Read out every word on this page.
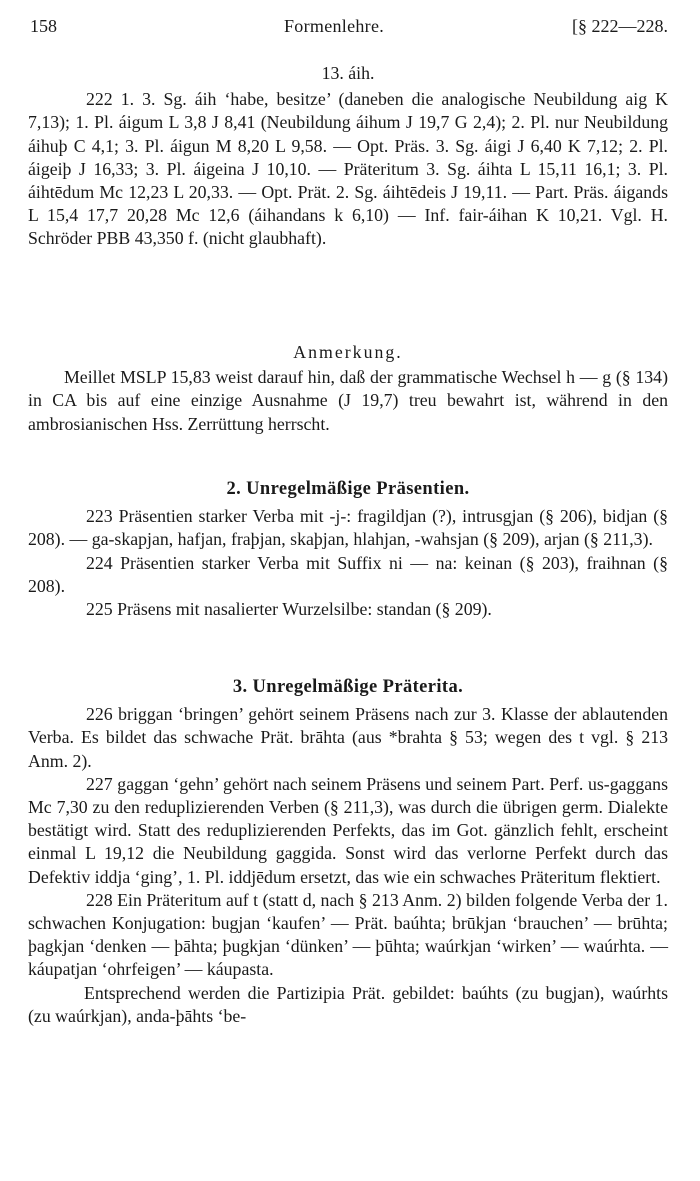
158	Formenlehre.	[§ 222—228.

13. áih.

222 1. 3. Sg. áih ‘habe, besitze’ (daneben die analogische Neubildung aig K 7,13); 1. Pl. áigum L 3,8 J 8,41 (Neubildung áihum J 19,7 G 2,4); 2. Pl. nur Neubildung áihuþ C 4,1; 3. Pl. áigun M 8,20 L 9,58. — Opt. Präs. 3. Sg. áigi J 6,40 K 7,12; 2. Pl. áigeiþ J 16,33; 3. Pl. áigeina J 10,10. — Präteritum 3. Sg. áihta L 15,11 16,1; 3. Pl. áihtēdum Mc 12,23 L 20,33. — Opt. Prät. 2. Sg. áihtēdeis J 19,11. — Part. Präs. áigands L 15,4 17,7 20,28 Mc 12,6 (áihandans k 6,10) — Inf. fair-áihan K 10,21. Vgl. H. Schröder PBB 43,350 f. (nicht glaubhaft).

Anmerkung.

Meillet MSLP 15,83 weist darauf hin, daß der grammatische Wechsel h — g (§ 134) in CA bis auf eine einzige Ausnahme (J 19,7) treu bewahrt ist, während in den ambrosianischen Hss. Zerrüttung herrscht.

2. Unregelmäßige Präsentien.

223 Präsentien starker Verba mit -j-: fragildjan (?), intrusgjan (§ 206), bidjan (§ 208). — ga-skapjan, hafjan, fraþjan, skaþjan, hlahjan, -wahsjan (§ 209), arjan (§ 211,3).

224 Präsentien starker Verba mit Suffix ni — na: keinan (§ 203), fraihnan (§ 208).

225 Präsens mit nasalierter Wurzelsilbe: standan (§ 209).

3. Unregelmäßige Präterita.

226 briggan ‘bringen’ gehört seinem Präsens nach zur 3. Klasse der ablautenden Verba. Es bildet das schwache Prät. brāhta (aus *brahta § 53; wegen des t vgl. § 213 Anm. 2).

227 gaggan ‘gehn’ gehört nach seinem Präsens und seinem Part. Perf. us-gaggans Mc 7,30 zu den reduplizierenden Verben (§ 211,3), was durch die übrigen germ. Dialekte bestätigt wird. Statt des reduplizierenden Perfekts, das im Got. gänzlich fehlt, erscheint einmal L 19,12 die Neubildung gaggida. Sonst wird das verlorne Perfekt durch das Defektiv iddja ‘ging’, 1. Pl. iddjēdum ersetzt, das wie ein schwaches Präteritum flektiert.

228 Ein Präteritum auf t (statt d, nach § 213 Anm. 2) bilden folgende Verba der 1. schwachen Konjugation: bugjan ‘kaufen’ — Prät. baúhta; brūkjan ‘brauchen’ — brūhta; þagkjan ‘denken — þāhta; þugkjan ‘dünken’ — þūhta; waúrkjan ‘wirken’ — waúrhta. — káupatjan ‘ohrfeigen’ — káupasta.

Entsprechend werden die Partizipia Prät. gebildet: baúhts (zu bugjan), waúrhts (zu waúrkjan), anda-þāhts ‘be-
